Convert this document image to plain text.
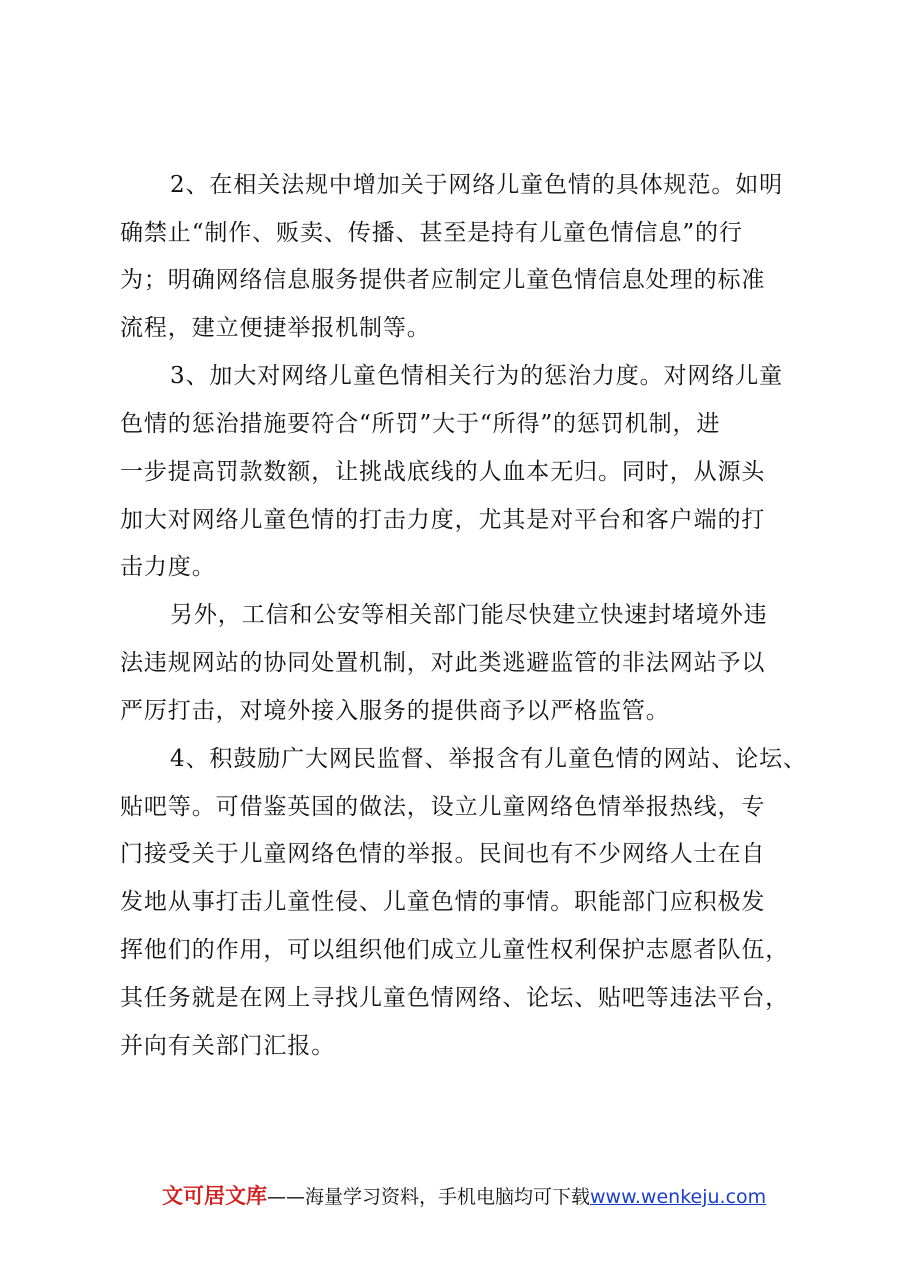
2、在相关法规中增加关于网络儿童色情的具体规范。如明
确禁止“制作、贩卖、传播、甚至是持有儿童色情信息”的行
为；明确网络信息服务提供者应制定儿童色情信息处理的标准
流程，建立便捷举报机制等。
3、加大对网络儿童色情相关行为的惩治力度。对网络儿童
色情的惩治措施要符合“所罚”大于“所得”的惩罚机制，进
一步提高罚款数额，让挑战底线的人血本无归。同时，从源头
加大对网络儿童色情的打击力度，尤其是对平台和客户端的打
击力度。
另外，工信和公安等相关部门能尽快建立快速封堵境外违
法违规网站的协同处置机制，对此类逃避监管的非法网站予以
严厉打击，对境外接入服务的提供商予以严格监管。
4、积鼓励广大网民监督、举报含有儿童色情的网站、论坛、
贴吧等。可借鉴英国的做法，设立儿童网络色情举报热线，专
门接受关于儿童网络色情的举报。民间也有不少网络人士在自
发地从事打击儿童性侵、儿童色情的事情。职能部门应积极发
挥他们的作用，可以组织他们成立儿童性权利保护志愿者队伍，
其任务就是在网上寻找儿童色情网络、论坛、贴吧等违法平台，
并向有关部门汇报。
文可居文库——海量学习资料，手机电脑均可下载www.wenkeju.com
